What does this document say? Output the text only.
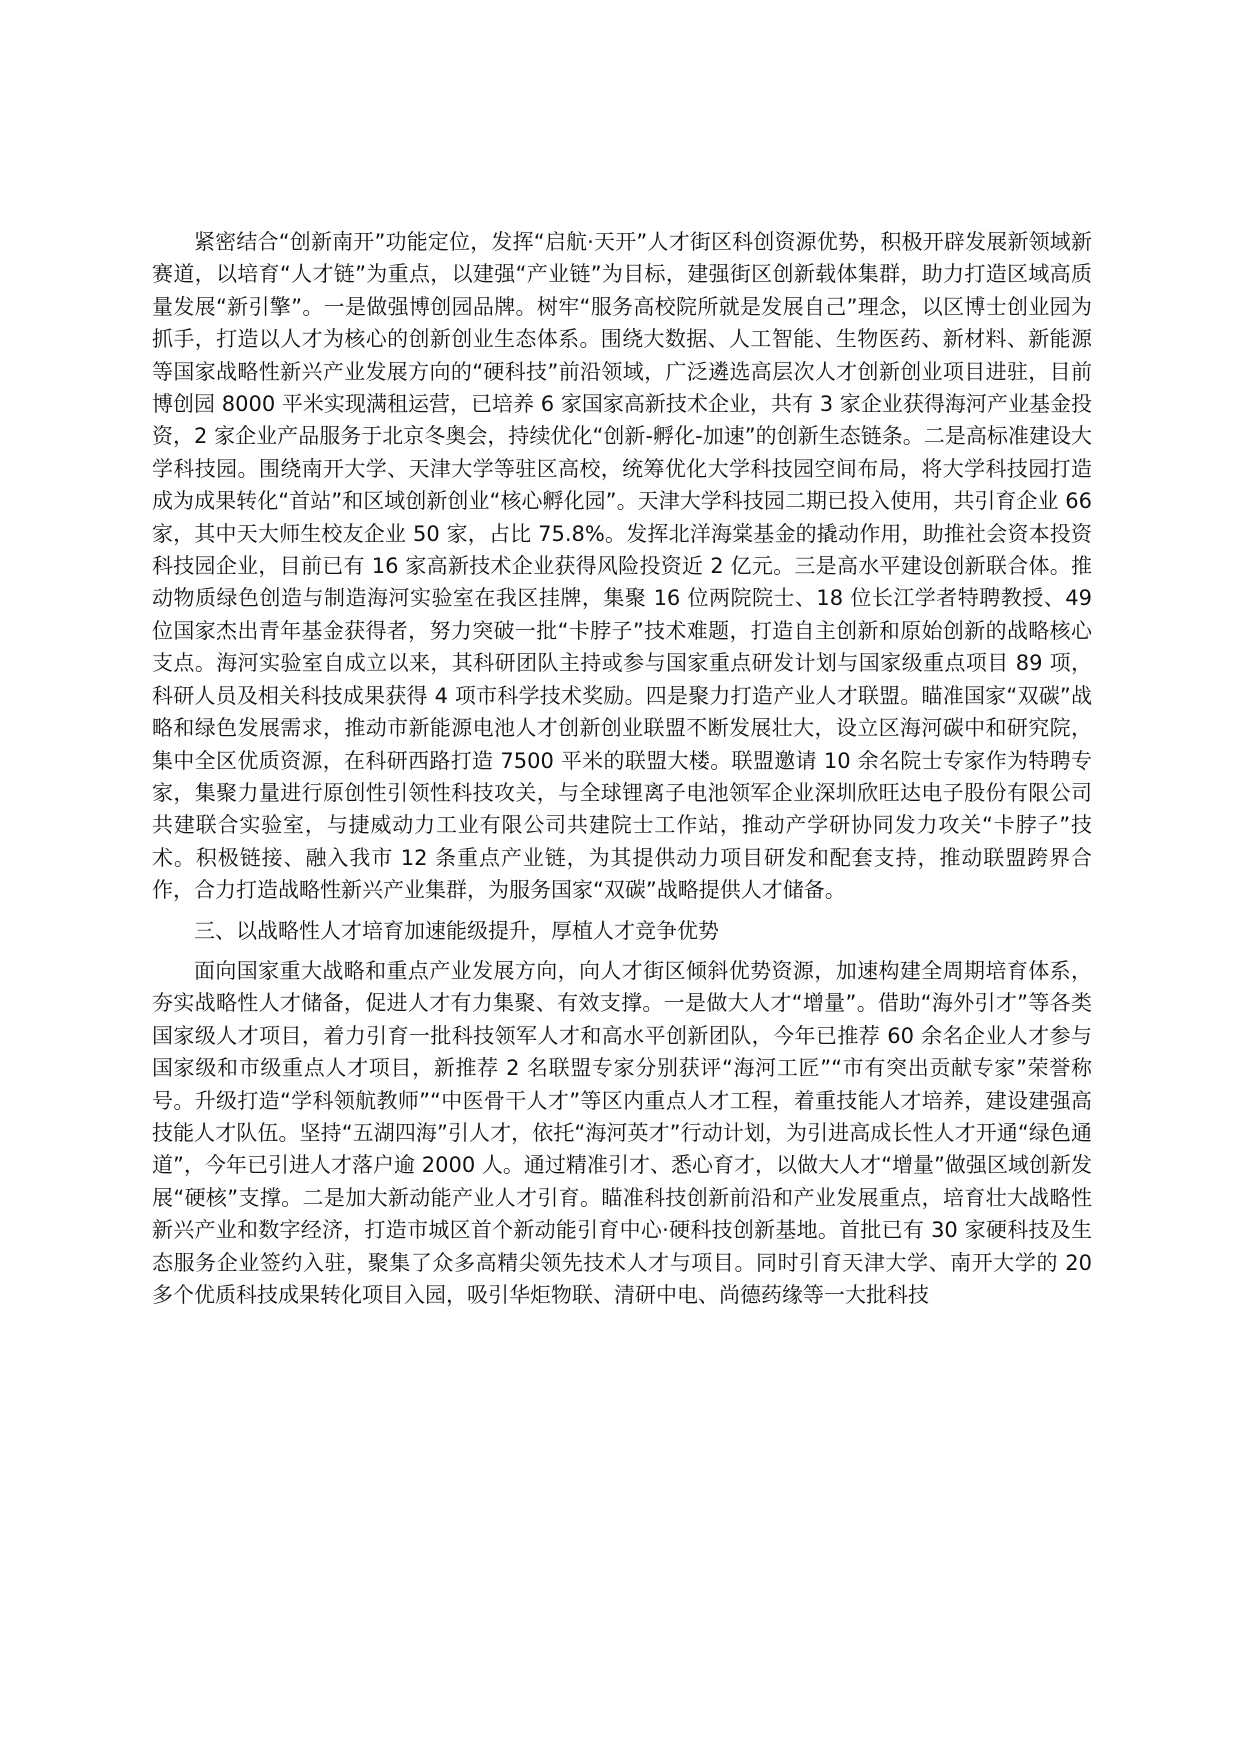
紧密结合“创新南开”功能定位，发挥“启航·天开”人才街区科创资源优势，积极开辟发展新领域新赛道，以培育“人才链”为重点，以建强“产业链”为目标，建强街区创新载体集群，助力打造区域高质量发展“新引擎”。一是做强博创园品牌。树牢“服务高校院所就是发展自己”理念，以区博士创业园为抓手，打造以人才为核心的创新创业生态体系。围绕大数据、人工智能、生物医药、新材料、新能源等国家战略性新兴产业发展方向的“硬科技”前沿领域，广泛遴选高层次人才创新创业项目进驻，目前博创园 8000 平米实现满租运营，已培养 6 家国家高新技术企业，共有 3 家企业获得海河产业基金投资，2 家企业产品服务于北京冬奥会，持续优化“创新-孵化-加速”的创新生态链条。二是高标准建设大学科技园。围绕南开大学、天津大学等驻区高校，统筹优化大学科技园空间布局，将大学科技园打造成为成果转化“首站”和区域创新创业“核心孵化园”。天津大学科技园二期已投入使用，共引育企业 66 家，其中天大师生校友企业 50 家，占比 75.8%。发挥北洋海棠基金的撬动作用，助推社会资本投资科技园企业，目前已有 16 家高新技术企业获得风险投资近 2 亿元。三是高水平建设创新联合体。推动物质绿色创造与制造海河实验室在我区挂牌，集聚 16 位两院院士、18 位长江学者特聘教授、49 位国家杰出青年基金获得者，努力突破一批“卡脖子”技术难题，打造自主创新和原始创新的战略核心支点。海河实验室自成立以来，其科研团队主持或参与国家重点研发计划与国家级重点项目 89 项，科研人员及相关科技成果获得 4 项市科学技术奖励。四是聚力打造产业人才联盟。瞄准国家“双碳”战略和绿色发展需求，推动市新能源电池人才创新创业联盟不断发展壮大，设立区海河碳中和研究院，集中全区优质资源，在科研西路打造 7500 平米的联盟大楼。联盟邀请 10 余名院士专家作为特聘专家，集聚力量进行原创性引领性科技攻关，与全球锂离子电池领军企业深圳欣旺达电子股份有限公司共建联合实验室，与捷威动力工业有限公司共建院士工作站，推动产学研协同发力攻关“卡脖子”技术。积极链接、融入我市 12 条重点产业链，为其提供动力项目研发和配套支持，推动联盟跨界合作，合力打造战略性新兴产业集群，为服务国家“双碳”战略提供人才储备。

三、以战略性人才培育加速能级提升，厚植人才竞争优势

面向国家重大战略和重点产业发展方向，向人才街区倾斜优势资源，加速构建全周期培育体系，夯实战略性人才储备，促进人才有力集聚、有效支撑。一是做大人才“增量”。借助“海外引才”等各类国家级人才项目，着力引育一批科技领军人才和高水平创新团队，今年已推荐 60 余名企业人才参与国家级和市级重点人才项目，新推荐 2 名联盟专家分别获评“海河工匠”“市有突出贡献专家”荣誉称号。升级打造“学科领航教师”“中医骨干人才”等区内重点人才工程，着重技能人才培养，建设建强高技能人才队伍。坚持“五湖四海”引人才，依托“海河英才”行动计划，为引进高成长性人才开通“绿色通道”，今年已引进人才落户逾 2000 人。通过精准引才、悉心育才，以做大人才“增量”做强区域创新发展“硬核”支撑。二是加大新动能产业人才引育。瞄准科技创新前沿和产业发展重点，培育壮大战略性新兴产业和数字经济，打造市城区首个新动能引育中心·硬科技创新基地。首批已有 30 家硬科技及生态服务企业签约入驻，聚集了众多高精尖领先技术人才与项目。同时引育天津大学、南开大学的 20 多个优质科技成果转化项目入园，吸引华炬物联、清研中电、尚德药缘等一大批科技
